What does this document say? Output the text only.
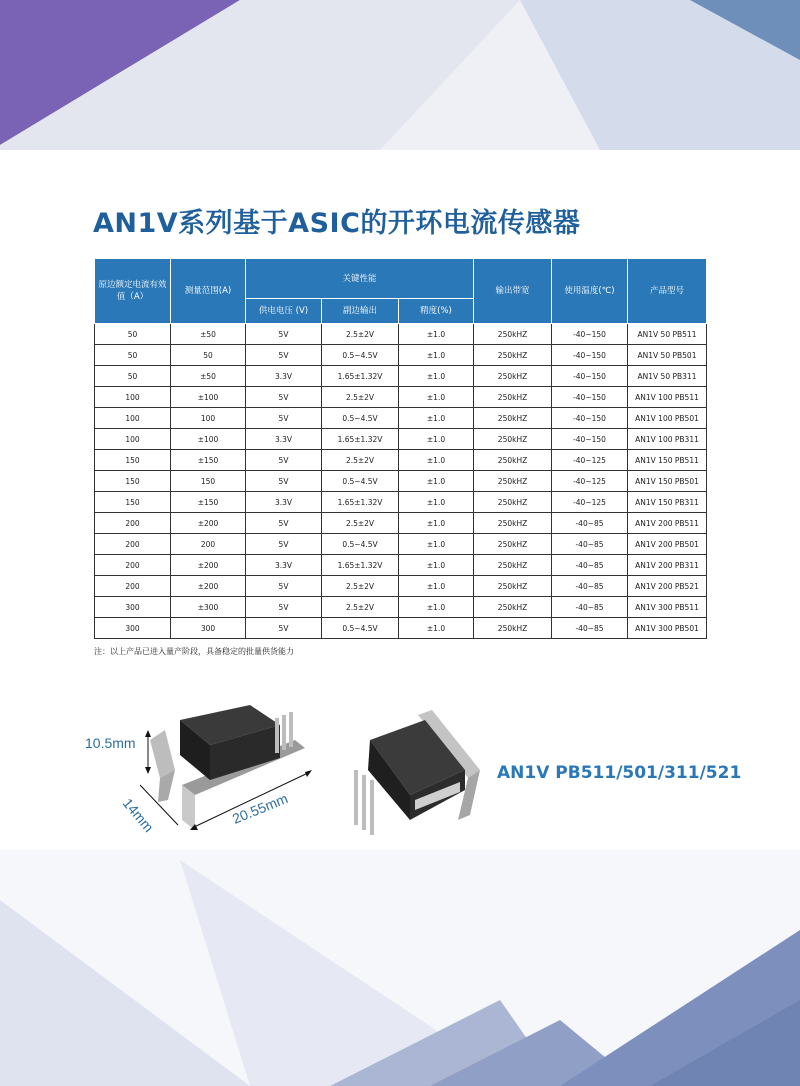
AN1V系列基于ASIC的开环电流传感器
原边额定电流有效值（A）	测量范围(A)	关键性能			输出带宽	使用温度(℃)	产品型号
		供电电压 (V)	副边输出	精度(%)			
50	±50	5V	2.5±2V	±1.0	250kHZ	-40~150	AN1V 50 PB511
50	50	5V	0.5~4.5V	±1.0	250kHZ	-40~150	AN1V 50 PB501
50	±50	3.3V	1.65±1.32V	±1.0	250kHZ	-40~150	AN1V 50 PB311
100	±100	5V	2.5±2V	±1.0	250kHZ	-40~150	AN1V 100 PB511
100	100	5V	0.5~4.5V	±1.0	250kHZ	-40~150	AN1V 100 PB501
100	±100	3.3V	1.65±1.32V	±1.0	250kHZ	-40~150	AN1V 100 PB311
150	±150	5V	2.5±2V	±1.0	250kHZ	-40~125	AN1V 150 PB511
150	150	5V	0.5~4.5V	±1.0	250kHZ	-40~125	AN1V 150 PB501
150	±150	3.3V	1.65±1.32V	±1.0	250kHZ	-40~125	AN1V 150 PB311
200	±200	5V	2.5±2V	±1.0	250kHZ	-40~85	AN1V 200 PB511
200	200	5V	0.5~4.5V	±1.0	250kHZ	-40~85	AN1V 200 PB501
200	±200	3.3V	1.65±1.32V	±1.0	250kHZ	-40~85	AN1V 200 PB311
200	±200	5V	2.5±2V	±1.0	250kHZ	-40~85	AN1V 200 PB521
300	±300	5V	2.5±2V	±1.0	250kHZ	-40~85	AN1V 300 PB511
300	300	5V	0.5~4.5V	±1.0	250kHZ	-40~85	AN1V 300 PB501
注：以上产品已进入量产阶段，具备稳定的批量供货能力
10.5mm
14mm	20.55mm
AN1V PB511/501/311/521
